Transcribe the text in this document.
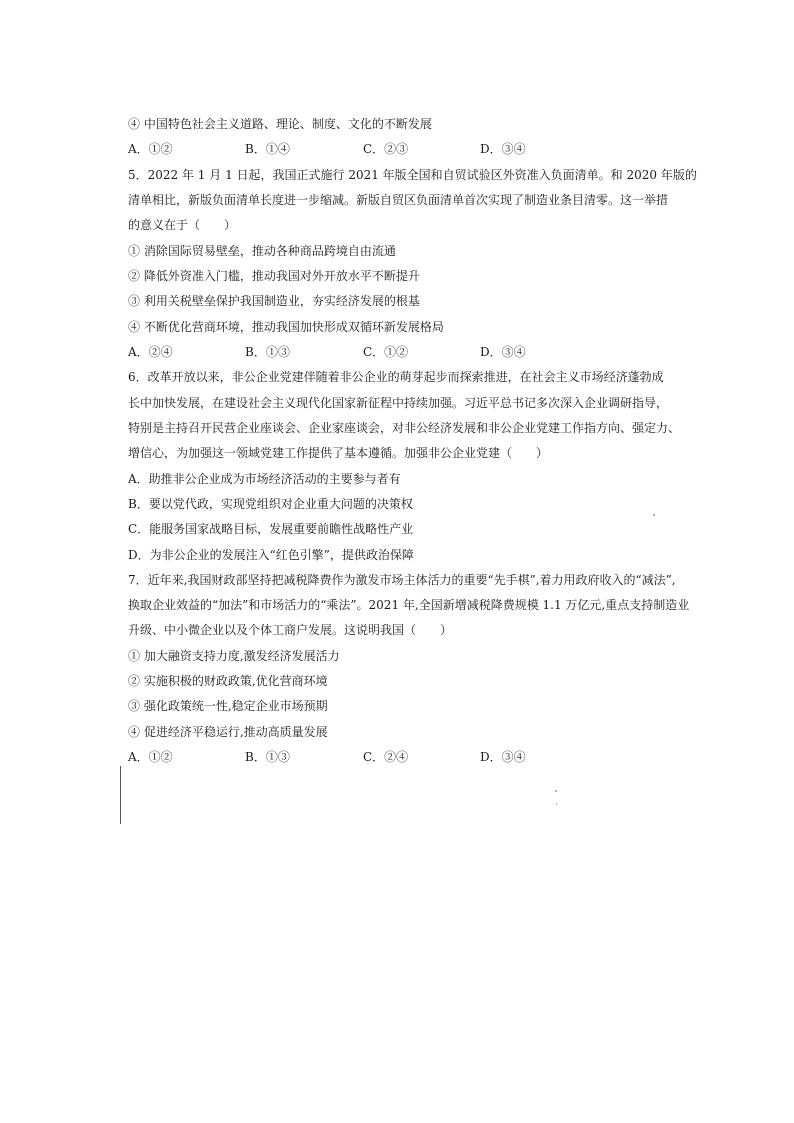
④ 中国特色社会主义道路、理论、制度、文化的不断发展
A．①②	B．①④	C．②③	D．③④
5．2022 年 1 月 1 日起，我国正式施行 2021 年版全国和自贸试验区外资准入负面清单。和 2020 年版的
清单相比，新版负面清单长度进一步缩减。新版自贸区负面清单首次实现了制造业条目清零。这一举措
的意义在于（　　）
① 消除国际贸易壁垒，推动各种商品跨境自由流通
② 降低外资准入门槛，推动我国对外开放水平不断提升
③ 利用关税壁垒保护我国制造业，夯实经济发展的根基
④ 不断优化营商环境，推动我国加快形成双循环新发展格局
A．②④	B．①③	C．①②	D．③④
6．改革开放以来，非公企业党建伴随着非公企业的萌芽起步而探索推进，在社会主义市场经济蓬勃成
长中加快发展，在建设社会主义现代化国家新征程中持续加强。习近平总书记多次深入企业调研指导，
特别是主持召开民营企业座谈会、企业家座谈会，对非公经济发展和非公企业党建工作指方向、强定力、
增信心，为加强这一领域党建工作提供了基本遵循。加强非公企业党建（　　）
A．助推非公企业成为市场经济活动的主要参与者有
B．要以党代政，实现党组织对企业重大问题的决策权
C．能服务国家战略目标，发展重要前瞻性战略性产业
D．为非公企业的发展注入“红色引擎”，提供政治保障
7．近年来,我国财政部坚持把减税降费作为激发市场主体活力的重要“先手棋”,着力用政府收入的“减法”,
换取企业效益的“加法”和市场活力的“乘法”。2021 年,全国新增减税降费规模 1.1 万亿元,重点支持制造业
升级、中小微企业以及个体工商户发展。这说明我国（　　）
① 加大融资支持力度,激发经济发展活力
② 实施积极的财政政策,优化营商环境
③ 强化政策统一性,稳定企业市场预期
④ 促进经济平稳运行,推动高质量发展
A．①②	B．①③	C．②④	D．③④
